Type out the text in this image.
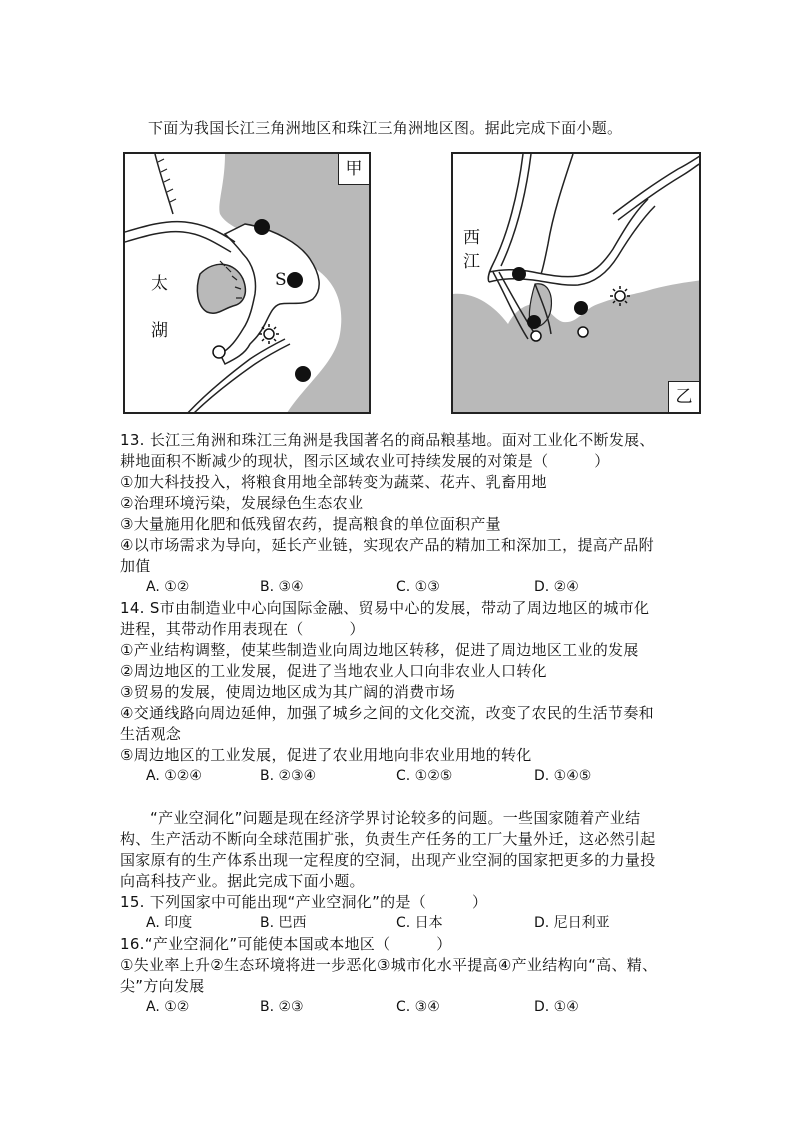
下面为我国长江三角洲地区和珠江三角洲地区图。据此完成下面小题。
甲
太
湖
S
乙
西
江
13. 长江三角洲和珠江三角洲是我国著名的商品粮基地。面对工业化不断发展、
耕地面积不断减少的现状，图示区域农业可持续发展的对策是（　　　）
①加大科技投入，将粮食用地全部转变为蔬菜、花卉、乳畜用地
②治理环境污染，发展绿色生态农业
③大量施用化肥和低残留农药，提高粮食的单位面积产量
④以市场需求为导向，延长产业链，实现农产品的精加工和深加工，提高产品附
加值
A. ①②	B. ③④	C. ①③	D. ②④
14. S市由制造业中心向国际金融、贸易中心的发展，带动了周边地区的城市化
进程，其带动作用表现在（　　　）
①产业结构调整，使某些制造业向周边地区转移，促进了周边地区工业的发展
②周边地区的工业发展，促进了当地农业人口向非农业人口转化
③贸易的发展，使周边地区成为其广阔的消费市场
④交通线路向周边延伸，加强了城乡之间的文化交流，改变了农民的生活节奏和
生活观念
⑤周边地区的工业发展，促进了农业用地向非农业用地的转化
A. ①②④	B. ②③④	C. ①②⑤	D. ①④⑤
“产业空洞化”问题是现在经济学界讨论较多的问题。一些国家随着产业结
构、生产活动不断向全球范围扩张，负责生产任务的工厂大量外迁，这必然引起
国家原有的生产体系出现一定程度的空洞，出现产业空洞的国家把更多的力量投
向高科技产业。据此完成下面小题。
15. 下列国家中可能出现“产业空洞化”的是（　　　）
A. 印度	B. 巴西	C. 日本	D. 尼日利亚
16.“产业空洞化”可能使本国或本地区（　　　）
①失业率上升②生态环境将进一步恶化③城市化水平提高④产业结构向“高、精、
尖”方向发展
A. ①②	B. ②③	C. ③④	D. ①④
